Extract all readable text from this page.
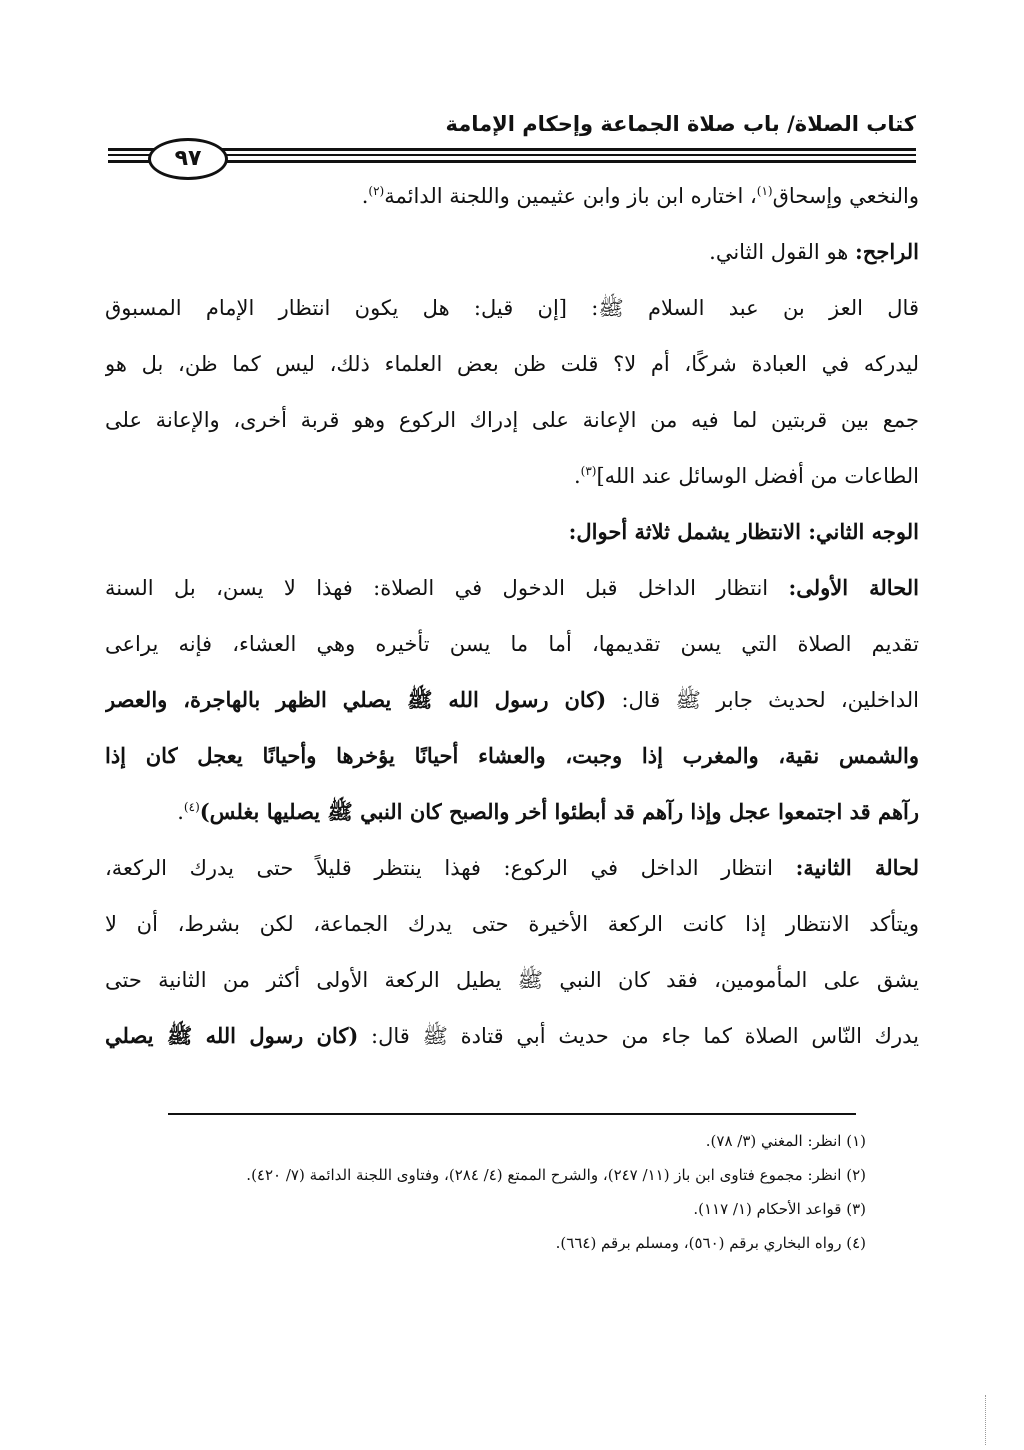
كتاب الصلاة/ باب صلاة الجماعة وإحكام الإمامة
٩٧
والنخعي وإسحاق$^{(١)}$، اختاره ابن باز وابن عثيمين واللجنة الدائمة$^{(٢)}$.
الراجح: هو القول الثاني.
قال العز بن عبد السلام ﷺ: [إن قيل: هل يكون انتظار الإمام المسبوق
ليدركه في العبادة شركًا، أم لا؟ قلت ظن بعض العلماء ذلك، ليس كما ظن، بل هو
جمع بين قربتين لما فيه من الإعانة على إدراك الركوع وهو قربة أخرى، والإعانة على
الطاعات من أفضل الوسائل عند الله]$^{(٣)}$.
الوجه الثاني: الانتظار يشمل ثلاثة أحوال:
الحالة الأولى: انتظار الداخل قبل الدخول في الصلاة: فهذا لا يسن، بل السنة
تقديم الصلاة التي يسن تقديمها، أما ما يسن تأخيره وهي العشاء، فإنه يراعى
الداخلين، لحديث جابر ﷺ قال: (كان رسول الله ﷺ يصلي الظهر بالهاجرة، والعصر
والشمس نقية، والمغرب إذا وجبت، والعشاء أحيانًا يؤخرها وأحيانًا يعجل كان إذا
رآهم قد اجتمعوا عجل وإذا رآهم قد أبطئوا أخر والصبح كان النبي ﷺ يصليها بغلس)$^{(٤)}$.
لحالة الثانية: انتظار الداخل في الركوع: فهذا ينتظر قليلاً حتى يدرك الركعة،
ويتأكد الانتظار إذا كانت الركعة الأخيرة حتى يدرك الجماعة، لكن بشرط، أن لا
يشق على المأمومين، فقد كان النبي ﷺ يطيل الركعة الأولى أكثر من الثانية حتى
يدرك النّاس الصلاة كما جاء من حديث أبي قتادة ﷺ قال: (كان رسول الله ﷺ يصلي
(١) انظر: المغني (٣/ ٧٨).
(٢) انظر: مجموع فتاوى ابن باز (١١/ ٢٤٧)، والشرح الممتع (٤/ ٢٨٤)، وفتاوى اللجنة الدائمة (٧/ ٤٢٠).
(٣) قواعد الأحكام (١/ ١١٧).
(٤) رواه البخاري برقم (٥٦٠)، ومسلم برقم (٦٦٤).
